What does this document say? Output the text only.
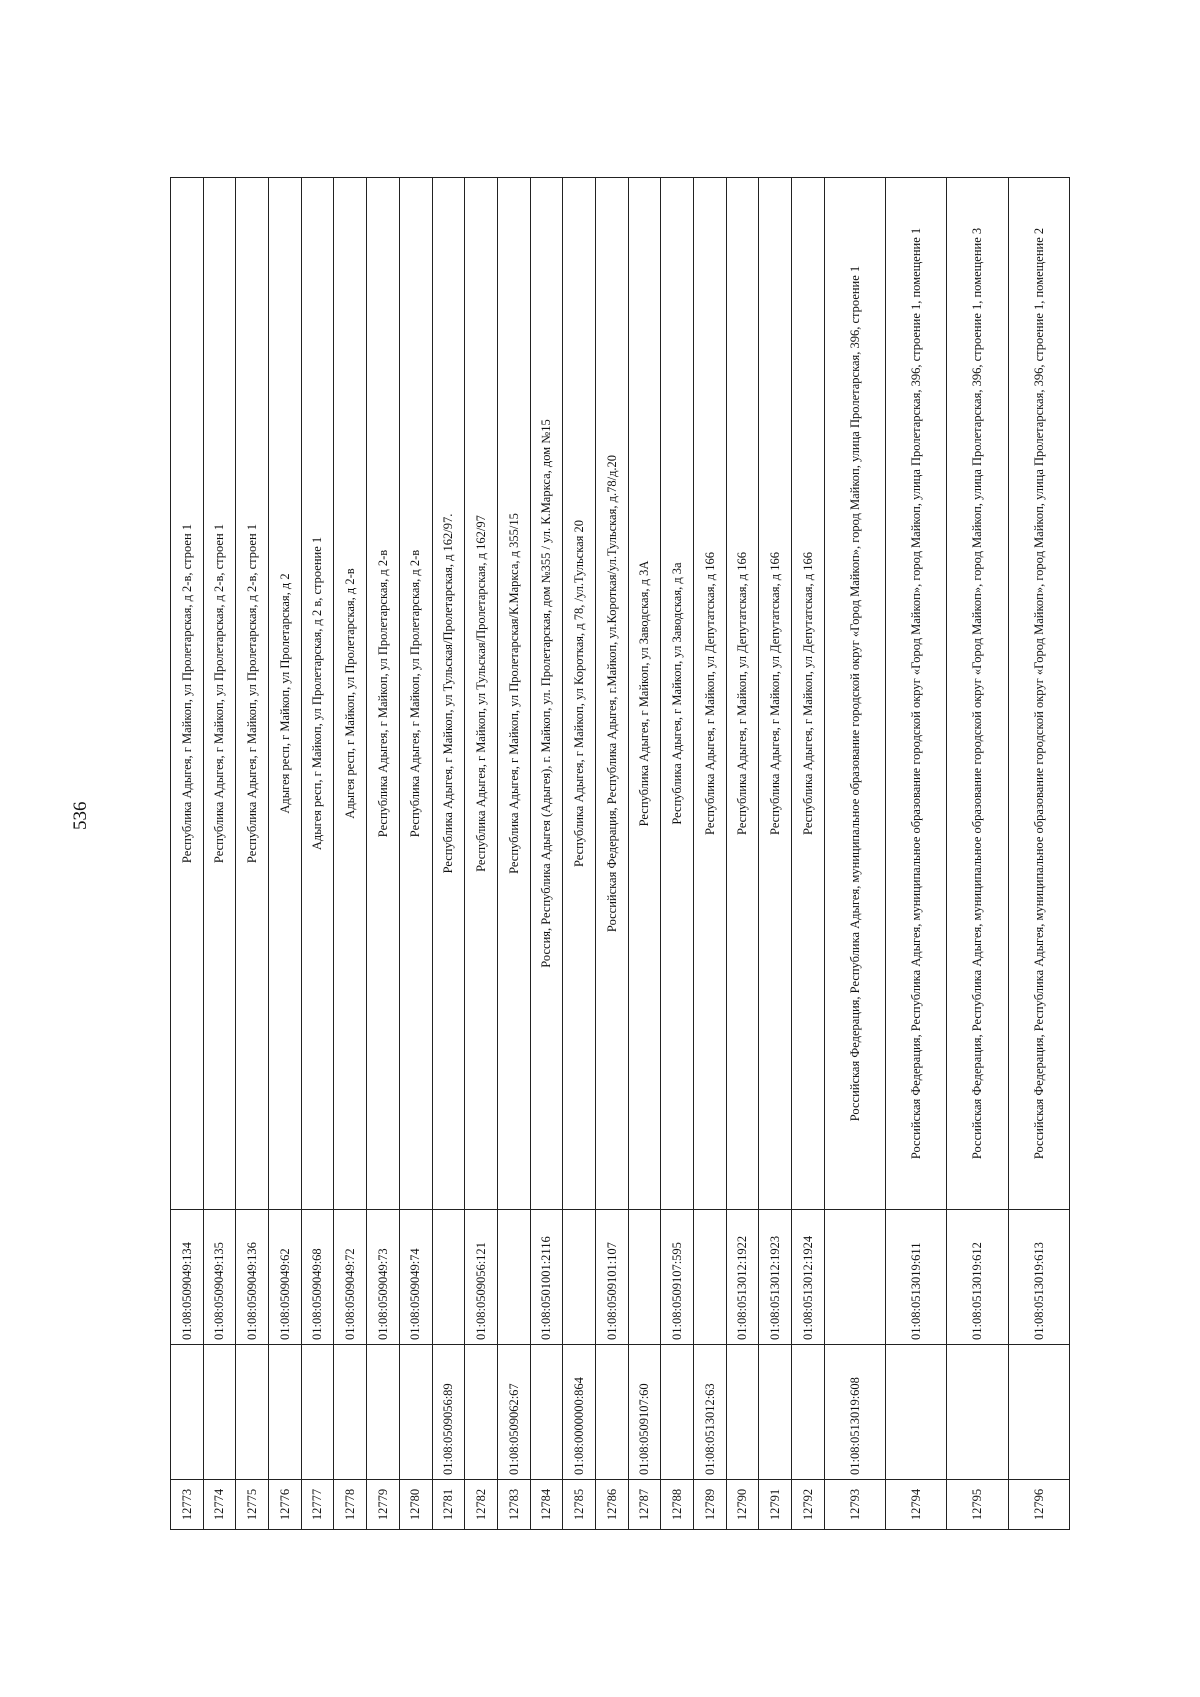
536
12773		01:08:0509049:134	Республика Адыгея, г Майкоп, ул Пролетарская, д 2-в, строен 1
12774		01:08:0509049:135	Республика Адыгея, г Майкоп, ул Пролетарская, д 2-в, строен 1
12775		01:08:0509049:136	Республика Адыгея, г Майкоп, ул Пролетарская, д 2-в, строен 1
12776		01:08:0509049:62	Адыгея респ, г Майкоп, ул Пролетарская, д 2
12777		01:08:0509049:68	Адыгея респ, г Майкоп, ул Пролетарская, д 2 в, строение 1
12778		01:08:0509049:72	Адыгея респ, г Майкоп, ул Пролетарская, д 2-в
12779		01:08:0509049:73	Республика Адыгея, г Майкоп, ул Пролетарская, д 2-в
12780		01:08:0509049:74	Республика Адыгея, г Майкоп, ул Пролетарская, д 2-в
12781	01:08:0509056:89		Республика Адыгея, г Майкоп, ул Тульская/Пролетарская, д 162/97.
12782		01:08:0509056:121	Республика Адыгея, г Майкоп, ул Тульская/Пролетарская, д 162/97
12783	01:08:0509062:67		Республика Адыгея, г Майкоп, ул Пролетарская/К.Маркса, д 355/15
12784		01:08:0501001:2116	Россия, Республика Адыгея (Адыгея), г. Майкоп, ул. Пролетарская, дом №355 / ул. К.Маркса, дом №15
12785	01:08:0000000:864		Республика Адыгея, г Майкоп, ул Короткая, д 78, /ул.Тульская 20
12786		01:08:0509101:107	Российская Федерация, Республика Адыгея, г.Майкоп, ул.Короткая/ул.Тульская, д.78/д.20
12787	01:08:0509107:60		Республика Адыгея, г Майкоп, ул Заводская, д 3А
12788		01:08:0509107:595	Республика Адыгея, г Майкоп, ул Заводская, д 3а
12789	01:08:0513012:63		Республика Адыгея, г Майкоп, ул Депутатская, д 166
12790		01:08:0513012:1922	Республика Адыгея, г Майкоп, ул Депутатская, д 166
12791		01:08:0513012:1923	Республика Адыгея, г Майкоп, ул Депутатская, д 166
12792		01:08:0513012:1924	Республика Адыгея, г Майкоп, ул Депутатская, д 166
12793	01:08:0513019:608		Российская Федерация, Республика Адыгея, муниципальное образование городской округ «Город Майкоп», город Майкоп, улица Пролетарская, 396, строение 1
12794		01:08:0513019:611	Российская Федерация, Республика Адыгея, муниципальное образование городской округ «Город Майкоп», город Майкоп, улица Пролетарская, 396, строение 1, помещение 1
12795		01:08:0513019:612	Российская Федерация, Республика Адыгея, муниципальное образование городской округ «Город Майкоп», город Майкоп, улица Пролетарская, 396, строение 1, помещение 3
12796		01:08:0513019:613	Российская Федерация, Республика Адыгея, муниципальное образование городской округ «Город Майкоп», город Майкоп, улица Пролетарская, 396, строение 1, помещение 2
